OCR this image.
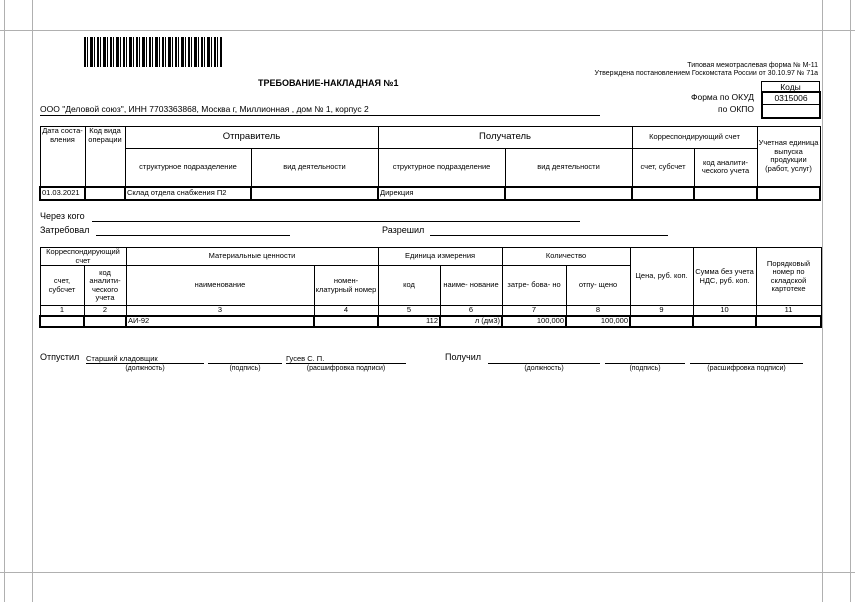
Типовая межотраслевая форма № М-11
Утверждена постановлением Госкомстата России от 30.10.97 № 71а
ТРЕБОВАНИЕ-НАКЛАДНАЯ №1
ООО "Деловой союз", ИНН 7703363868, Москва г, Миллионная , дом № 1, корпус 2
Коды
Форма по ОКУД	0315006
по ОКПО
Дата состa- вления	Код вида операции	Отправитель		Получатель		Корреспондирующий счет		Учетная единица выпуска продукции (работ, услуг)
		структурное подразделение	вид деятельности	структурное подразделение	вид деятельности	счет, субсчет	код аналити- ческого учета	
01.03.2021		Склад отдела снабжения П2		Дирекция				
Через кого
Затребовал	Разрешил
Корреспондирующий счет		Материальные ценности		Единица измерения		Количество		Цена, руб. коп.	Сумма без учета НДС, руб. коп.	Порядковый номер по складской картотеке
счет, субсчет	код аналити- ческого учета	наименование	номен- клатурный номер	код	наиме- нование	затре- бова- но	отпу- щено			
1	2	3	4	5	6	7	8	9	10	11
		АИ-92		112	л (дм3)	100,000	100,000			
Отпустил Старший кладовщик	Гусев С. П.
(должность)	(подпись)	(расшифровка подписи)
Получил
(должность)	(подпись)	(расшифровка подписи)
